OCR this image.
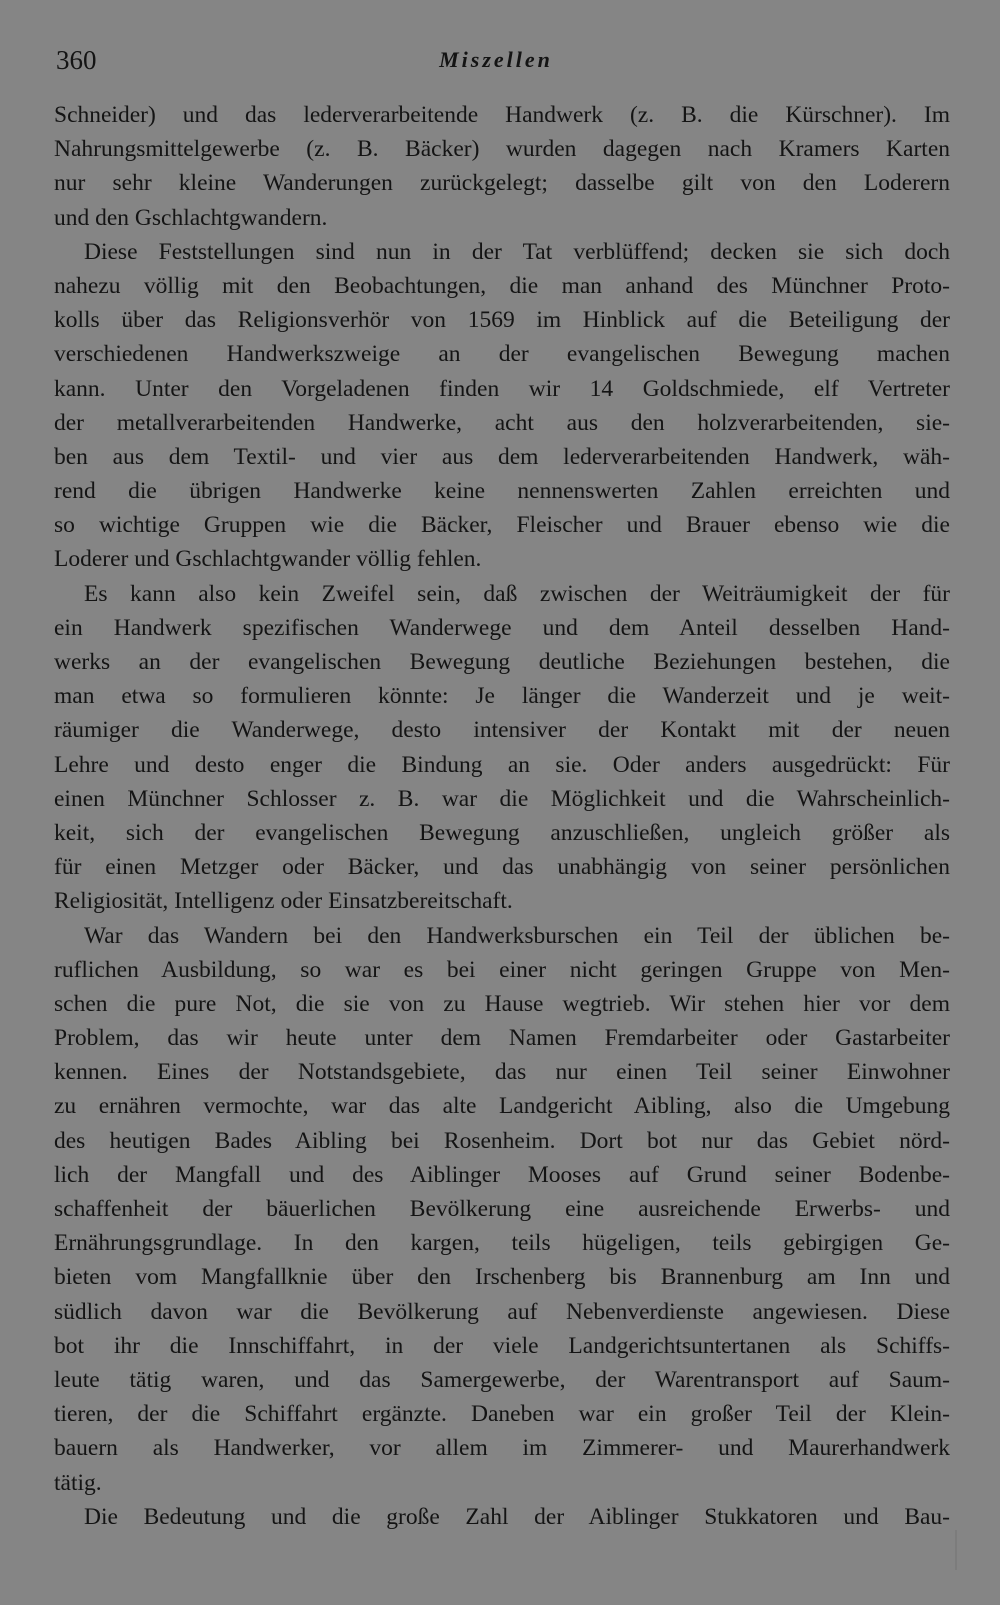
360	Miszellen
Schneider) und das lederverarbeitende Handwerk (z. B. die Kürschner). Im
Nahrungsmittelgewerbe (z. B. Bäcker) wurden dagegen nach Kramers Karten
nur sehr kleine Wanderungen zurückgelegt; dasselbe gilt von den Loderern
und den Gschlachtgwandern.
Diese Feststellungen sind nun in der Tat verblüffend; decken sie sich doch
nahezu völlig mit den Beobachtungen, die man anhand des Münchner Proto-
kolls über das Religionsverhör von 1569 im Hinblick auf die Beteiligung der
verschiedenen Handwerkszweige an der evangelischen Bewegung machen
kann. Unter den Vorgeladenen finden wir 14 Goldschmiede, elf Vertreter
der metallverarbeitenden Handwerke, acht aus den holzverarbeitenden, sie-
ben aus dem Textil- und vier aus dem lederverarbeitenden Handwerk, wäh-
rend die übrigen Handwerke keine nennenswerten Zahlen erreichten und
so wichtige Gruppen wie die Bäcker, Fleischer und Brauer ebenso wie die
Loderer und Gschlachtgwander völlig fehlen.
Es kann also kein Zweifel sein, daß zwischen der Weiträumigkeit der für
ein Handwerk spezifischen Wanderwege und dem Anteil desselben Hand-
werks an der evangelischen Bewegung deutliche Beziehungen bestehen, die
man etwa so formulieren könnte: Je länger die Wanderzeit und je weit-
räumiger die Wanderwege, desto intensiver der Kontakt mit der neuen
Lehre und desto enger die Bindung an sie. Oder anders ausgedrückt: Für
einen Münchner Schlosser z. B. war die Möglichkeit und die Wahrscheinlich-
keit, sich der evangelischen Bewegung anzuschließen, ungleich größer als
für einen Metzger oder Bäcker, und das unabhängig von seiner persönlichen
Religiosität, Intelligenz oder Einsatzbereitschaft.
War das Wandern bei den Handwerksburschen ein Teil der üblichen be-
ruflichen Ausbildung, so war es bei einer nicht geringen Gruppe von Men-
schen die pure Not, die sie von zu Hause wegtrieb. Wir stehen hier vor dem
Problem, das wir heute unter dem Namen Fremdarbeiter oder Gastarbeiter
kennen. Eines der Notstandsgebiete, das nur einen Teil seiner Einwohner
zu ernähren vermochte, war das alte Landgericht Aibling, also die Umgebung
des heutigen Bades Aibling bei Rosenheim. Dort bot nur das Gebiet nörd-
lich der Mangfall und des Aiblinger Mooses auf Grund seiner Bodenbe-
schaffenheit der bäuerlichen Bevölkerung eine ausreichende Erwerbs- und
Ernährungsgrundlage. In den kargen, teils hügeligen, teils gebirgigen Ge-
bieten vom Mangfallknie über den Irschenberg bis Brannenburg am Inn und
südlich davon war die Bevölkerung auf Nebenverdienste angewiesen. Diese
bot ihr die Innschiffahrt, in der viele Landgerichtsuntertanen als Schiffs-
leute tätig waren, und das Samergewerbe, der Warentransport auf Saum-
tieren, der die Schiffahrt ergänzte. Daneben war ein großer Teil der Klein-
bauern als Handwerker, vor allem im Zimmerer- und Maurerhandwerk
tätig.
Die Bedeutung und die große Zahl der Aiblinger Stukkatoren und Bau-
